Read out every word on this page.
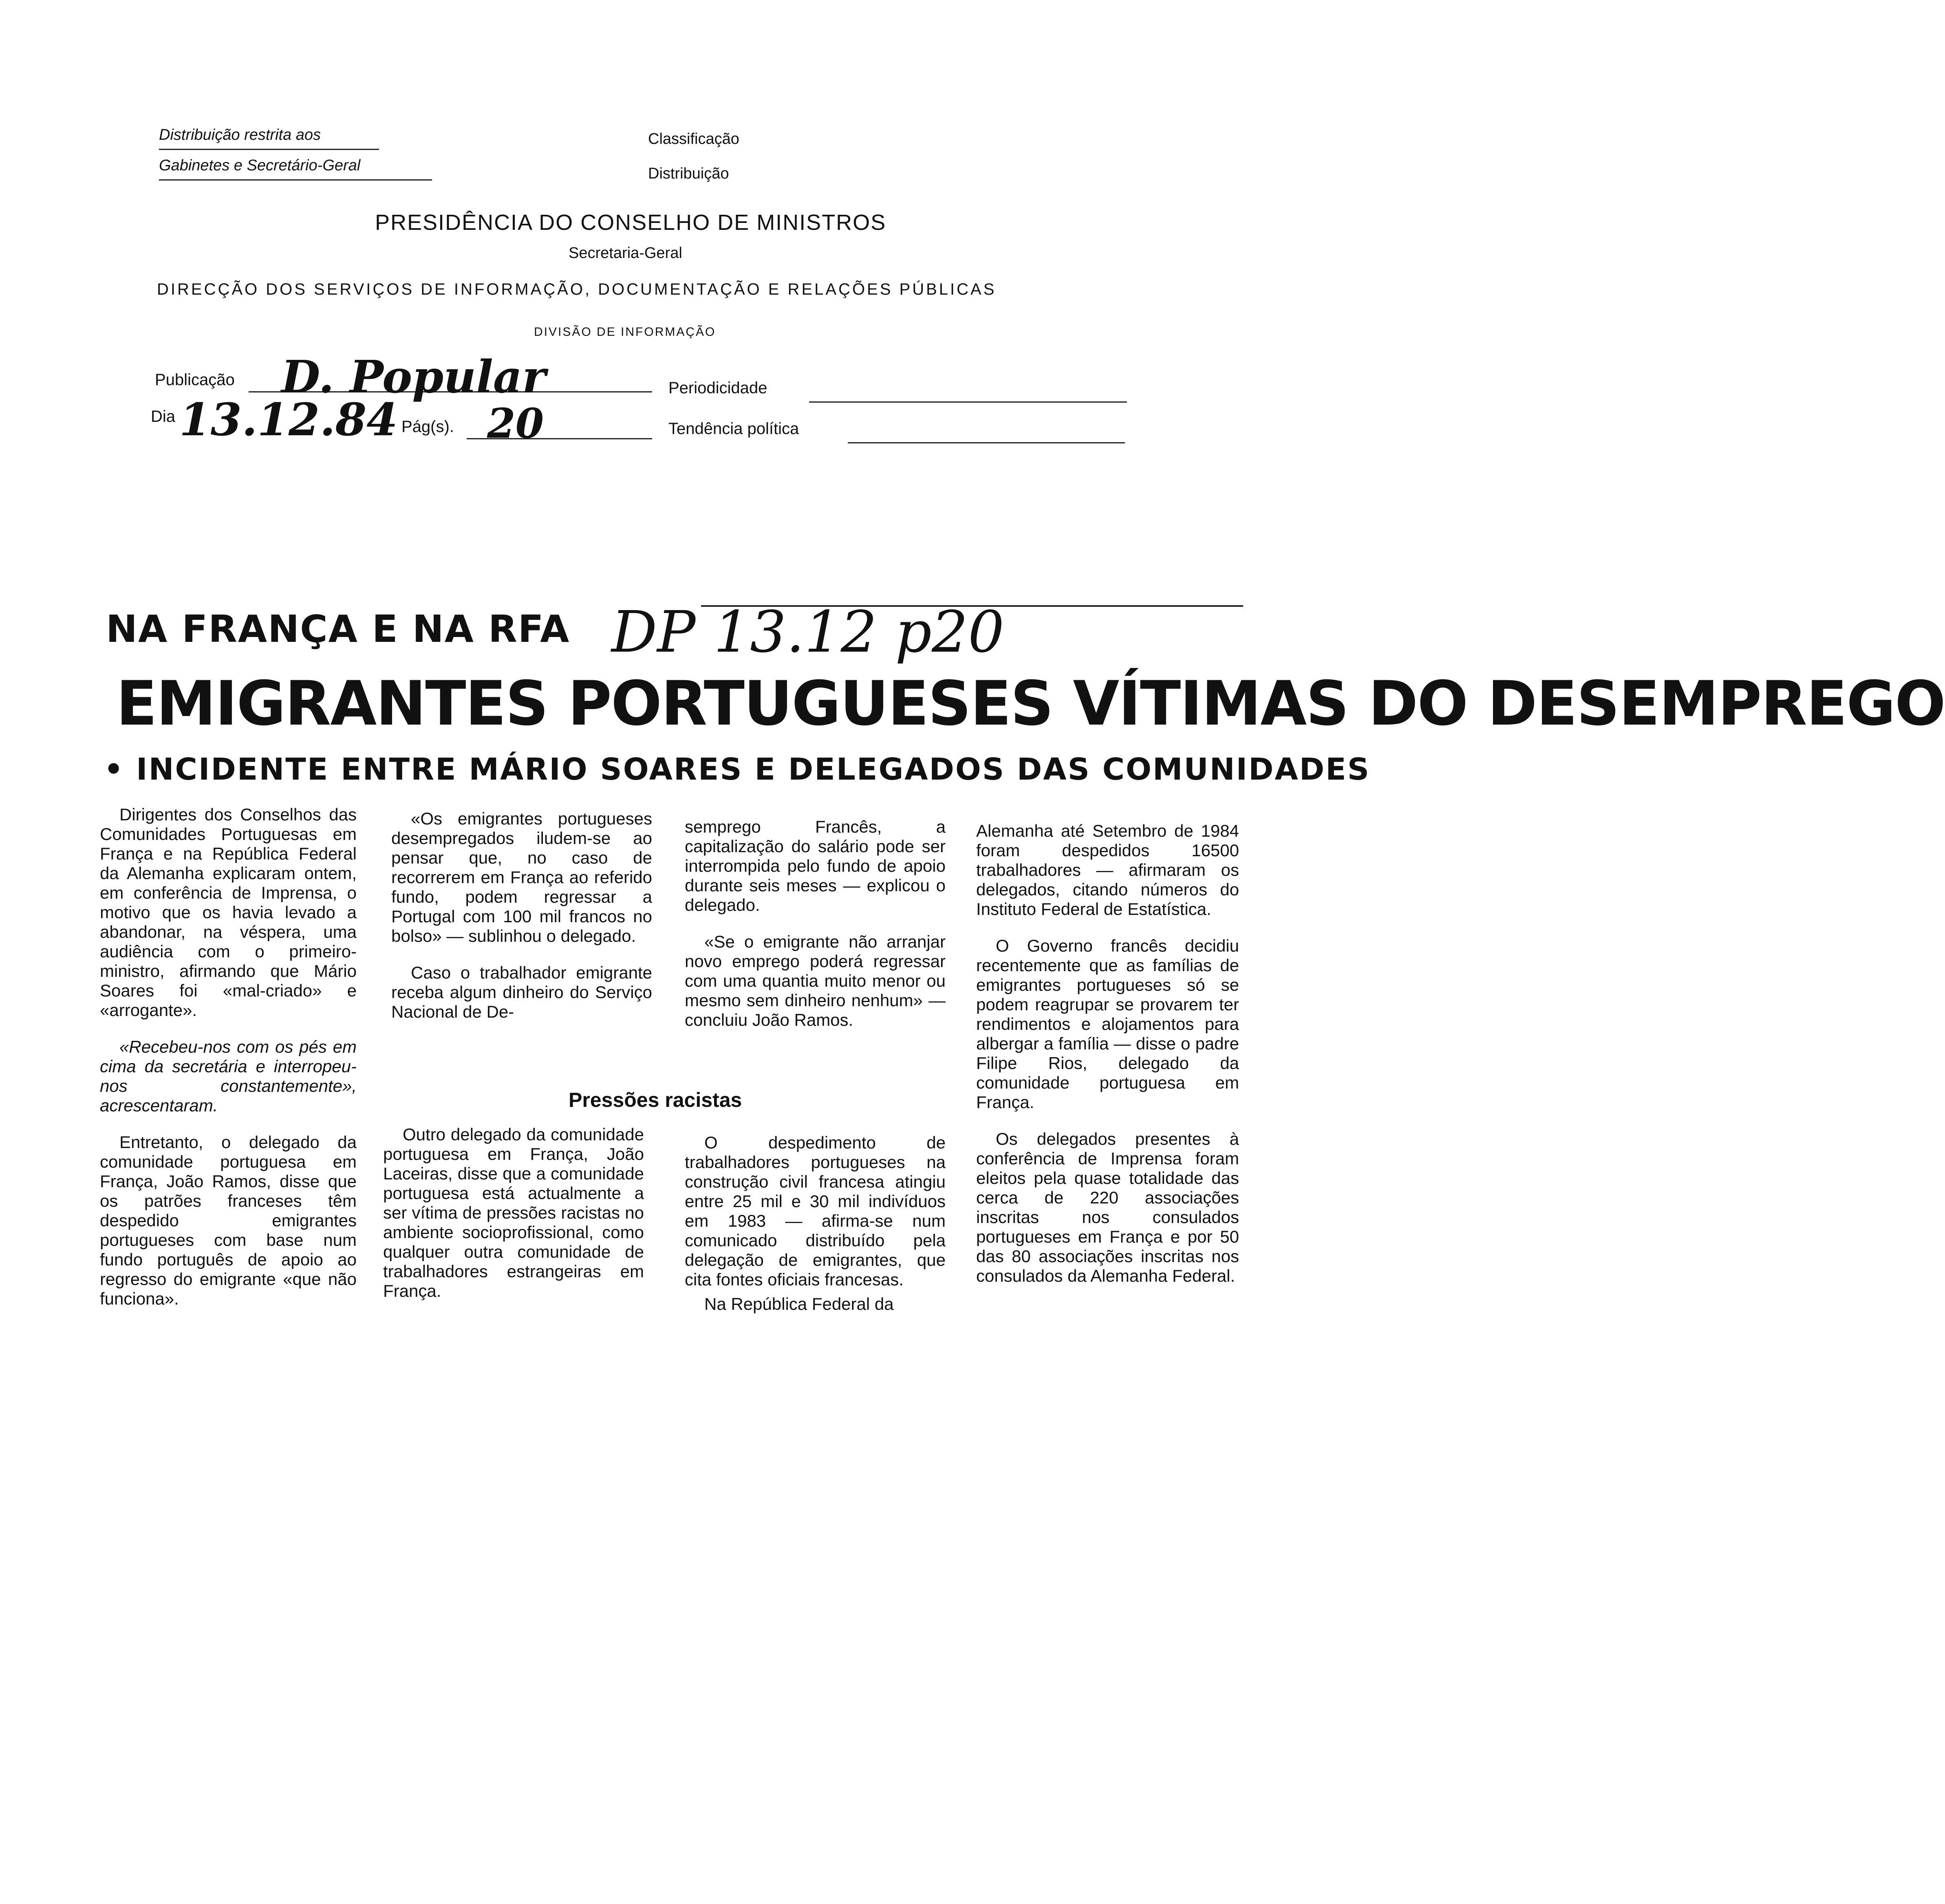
Distribuição restrita aos
Gabinetes e Secretário-Geral
Classificação
Distribuição
PRESIDÊNCIA DO CONSELHO DE MINISTROS
Secretaria-Geral
DIRECÇÃO DOS SERVIÇOS DE INFORMAÇÃO, DOCUMENTAÇÃO E RELAÇÕES PÚBLICAS
DIVISÃO DE INFORMAÇÃO
Publicação D. Popular	Periodicidade
Dia 13.12.84 Pág(s). 20	Tendência política
NA FRANÇA E NA RFA DP 13.12 p20
EMIGRANTES PORTUGUESES VÍTIMAS DO DESEMPREGO
• INCIDENTE ENTRE MÁRIO SOARES E DELEGADOS DAS COMUNIDADES

Dirigentes dos Conselhos das Comunidades Portuguesas em França e na República Federal da Alemanha explicaram ontem, em conferência de Imprensa, o motivo que os havia levado a abandonar, na véspera, uma audiência com o primeiro-ministro, afirmando que Mário Soares foi «mal-criado» e «arrogante».

«Recebeu-nos com os pés em cima da secretária e interropeu-nos constantemente», acrescentaram.

Entretanto, o delegado da comunidade portuguesa em França, João Ramos, disse que os patrões franceses têm despedido emigrantes portugueses com base num fundo português de apoio ao regresso do emigrante «que não funciona».

«Os emigrantes portugueses desempregados iludem-se ao pensar que, no caso de recorrerem em França ao referido fundo, podem regressar a Portugal com 100 mil francos no bolso» — sublinhou o delegado.

Caso o trabalhador emigrante receba algum dinheiro do Serviço Nacional de De-

semprego Francês, a capitalização do salário pode ser interrompida pelo fundo de apoio durante seis meses — explicou o delegado.

«Se o emigrante não arranjar novo emprego poderá regressar com uma quantia muito menor ou mesmo sem dinheiro nenhum» — concluiu João Ramos.

Pressões racistas

Outro delegado da comunidade portuguesa em França, João Laceiras, disse que a comunidade portuguesa está actualmente a ser vítima de pressões racistas no ambiente socioprofissional, como qualquer outra comunidade de trabalhadores estrangeiras em França.

O despedimento de trabalhadores portugueses na construção civil francesa atingiu entre 25 mil e 30 mil indivíduos em 1983 — afirma-se num comunicado distribuído pela delegação de emigrantes, que cita fontes oficiais francesas.

Na República Federal da

Alemanha até Setembro de 1984 foram despedidos 16500 trabalhadores — afirmaram os delegados, citando números do Instituto Federal de Estatística.

O Governo francês decidiu recentemente que as famílias de emigrantes portugueses só se podem reagrupar se provarem ter rendimentos e alojamentos para albergar a família — disse o padre Filipe Rios, delegado da comunidade portuguesa em França.

Os delegados presentes à conferência de Imprensa foram eleitos pela quase totalidade das cerca de 220 associações inscritas nos consulados portugueses em França e por 50 das 80 associações inscritas nos consulados da Alemanha Federal.
